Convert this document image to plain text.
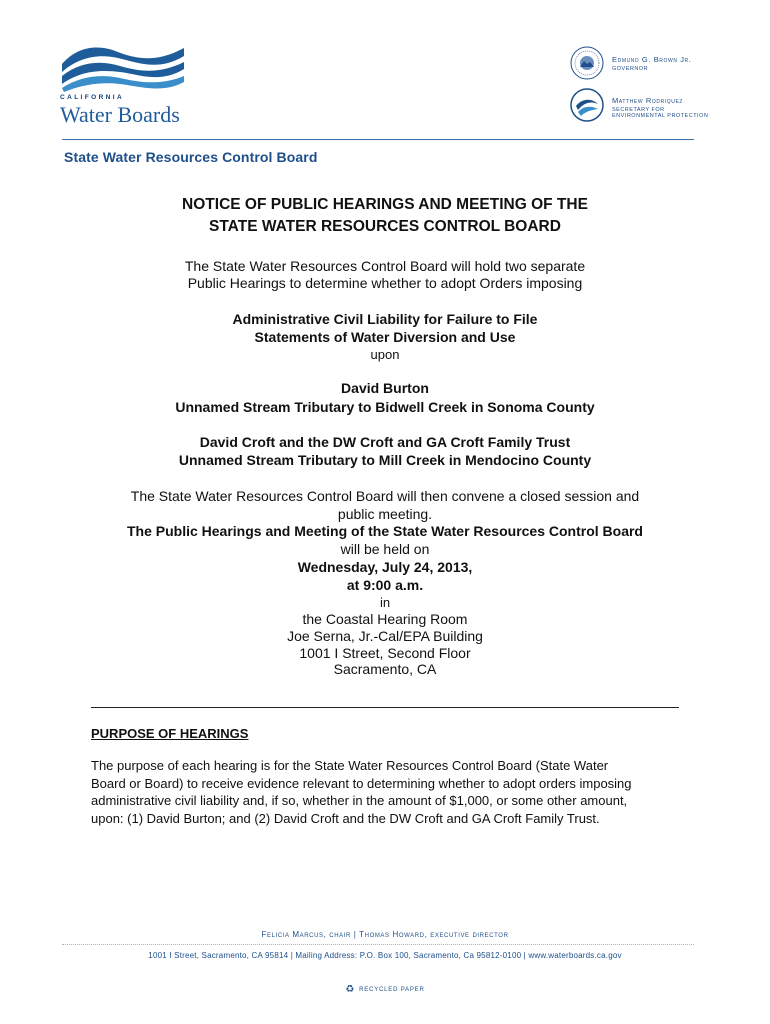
CALIFORNIA
Water Boards
Edmund G. Brown Jr.
GOVERNOR
Matthew Rodriquez
SECRETARY FOR
ENVIRONMENTAL PROTECTION
State Water Resources Control Board
NOTICE OF PUBLIC HEARINGS AND MEETING OF THE
STATE WATER RESOURCES CONTROL BOARD
The State Water Resources Control Board will hold two separate
Public Hearings to determine whether to adopt Orders imposing
Administrative Civil Liability for Failure to File
Statements of Water Diversion and Use
upon
David Burton
Unnamed Stream Tributary to Bidwell Creek in Sonoma County
David Croft and the DW Croft and GA Croft Family Trust
Unnamed Stream Tributary to Mill Creek in Mendocino County
The State Water Resources Control Board will then convene a closed session and
public meeting.
The Public Hearings and Meeting of the State Water Resources Control Board
will be held on
Wednesday, July 24, 2013,
at 9:00 a.m.
in
the Coastal Hearing Room
Joe Serna, Jr.-Cal/EPA Building
1001 I Street, Second Floor
Sacramento, CA
PURPOSE OF HEARINGS
The purpose of each hearing is for the State Water Resources Control Board (State Water
Board or Board) to receive evidence relevant to determining whether to adopt orders imposing
administrative civil liability and, if so, whether in the amount of $1,000, or some other amount,
upon: (1) David Burton; and (2) David Croft and the DW Croft and GA Croft Family Trust.
Felicia Marcus, chair | Thomas Howard, executive director
1001 I Street, Sacramento, CA 95814 | Mailing Address: P.O. Box 100, Sacramento, Ca 95812-0100 | www.waterboards.ca.gov
♻ RECYCLED PAPER
